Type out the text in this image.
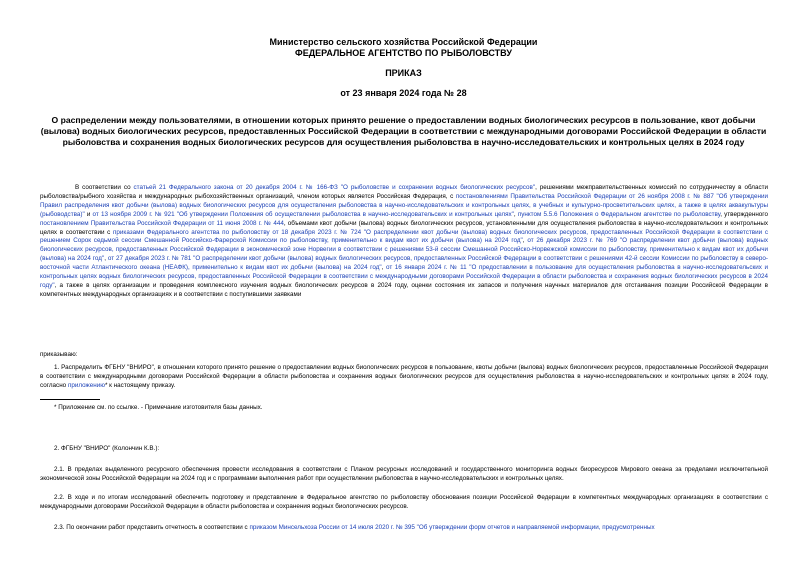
Министерство сельского хозяйства Российской Федерации
ФЕДЕРАЛЬНОЕ АГЕНТСТВО ПО РЫБОЛОВСТВУ
ПРИКАЗ
от 23 января 2024 года № 28
О распределении между пользователями, в отношении которых принято решение о предоставлении водных биологических ресурсов в пользование, квот добычи (вылова) водных биологических ресурсов, предоставленных Российской Федерации в соответствии с международными договорами Российской Федерации в области рыболовства и сохранения водных биологических ресурсов для осуществления рыболовства в научно-исследовательских и контрольных целях в 2024 году
В соответствии со статьей 21 Федерального закона от 20 декабря 2004 г. № 166-ФЗ "О рыболовстве и сохранении водных биологических ресурсов", решениями межправительственных комиссий по сотрудничеству в области рыболовства/рыбного хозяйства и международных рыбохозяйственных организаций, членом которых является Российская Федерация, с постановлениями Правительства Российской Федерации от 26 ноября 2008 г. № 887 "Об утверждении Правил распределения квот добычи (вылова) водных биологических ресурсов для осуществления рыболовства в научно-исследовательских и контрольных целях, в учебных и культурно-просветительских целях, а также в целях аквакультуры (рыбоводства)" и от 13 ноября 2009 г. № 921 "Об утверждении Положения об осуществлении рыболовства в научно-исследовательских и контрольных целях", пунктом 5.5.6 Положения о Федеральном агентстве по рыболовству, утвержденного постановлением Правительства Российской Федерации от 11 июня 2008 г. № 444, объемами квот добычи (вылова) водных биологических ресурсов, установленными для осуществления рыболовства в научно-исследовательских и контрольных целях в соответствии с приказами Федерального агентства по рыболовству от 18 декабря 2023 г. № 724 "О распределении квот добычи (вылова) водных биологических ресурсов, предоставленных Российской Федерации в соответствии с решением Сорок седьмой сессии Смешанной Российско-Фарерской Комиссии по рыболовству, применительно к видам квот их добычи (вылова) на 2024 год", от 26 декабря 2023 г. № 769 "О распределении квот добычи (вылова) водных биологических ресурсов, предоставленных Российской Федерации в экономической зоне Норвегии в соответствии с решениями 53-й сессии Смешанной Российско-Норвежской комиссии по рыболовству, применительно к видам квот их добычи (вылова) на 2024 год", от 27 декабря 2023 г. № 781 "О распределении квот добычи (вылова) водных биологических ресурсов, предоставленных Российской Федерации в соответствии с решениями 42-й сессии Комиссии по рыболовству в северо-восточной части Атлантического океана (НЕАФК), применительно к видам квот их добычи (вылова) на 2024 год", от 16 января 2024 г. № 11 "О предоставлении в пользование для осуществления рыболовства в научно-исследовательских и контрольных целях водных биологических ресурсов, предоставленных Российской Федерации в соответствии с международными договорами Российской Федерации в области рыболовства и сохранения водных биологических ресурсов в 2024 году", а также в целях организации и проведения комплексного изучения водных биологических ресурсов в 2024 году, оценки состояния их запасов и получения научных материалов для отстаивания позиции Российской Федерации в компетентных международных организациях и в соответствии с поступившими заявками
приказываю:
1. Распределить ФГБНУ "ВНИРО", в отношении которого принято решение о предоставлении водных биологических ресурсов в пользование, квоты добычи (вылова) водных биологических ресурсов, предоставленные Российской Федерации в соответствии с международными договорами Российской Федерации в области рыболовства и сохранения водных биологических ресурсов для осуществления рыболовства в научно-исследовательских и контрольных целях в 2024 году, согласно приложению* к настоящему приказу.
* Приложение см. по ссылке. - Примечание изготовителя базы данных.
2. ФГБНУ "ВНИРО" (Колончин К.В.):
2.1. В пределах выделенного ресурсного обеспечения провести исследования в соответствии с Планом ресурсных исследований и государственного мониторинга водных биоресурсов Мирового океана за пределами исключительной экономической зоны Российской Федерации на 2024 год и с программами выполнения работ при осуществлении рыболовства в научно-исследовательских и контрольных целях.
2.2. В ходе и по итогам исследований обеспечить подготовку и представление в Федеральное агентство по рыболовству обоснования позиции Российской Федерации в компетентных международных организациях в соответствии с международными договорами Российской Федерации в области рыболовства и сохранения водных биологических ресурсов.
2.3. По окончании работ представить отчетность в соответствии с приказом Минсельхоза России от 14 июля 2020 г. № 395 "Об утверждении форм отчетов и направляемой информации, предусмотренных
